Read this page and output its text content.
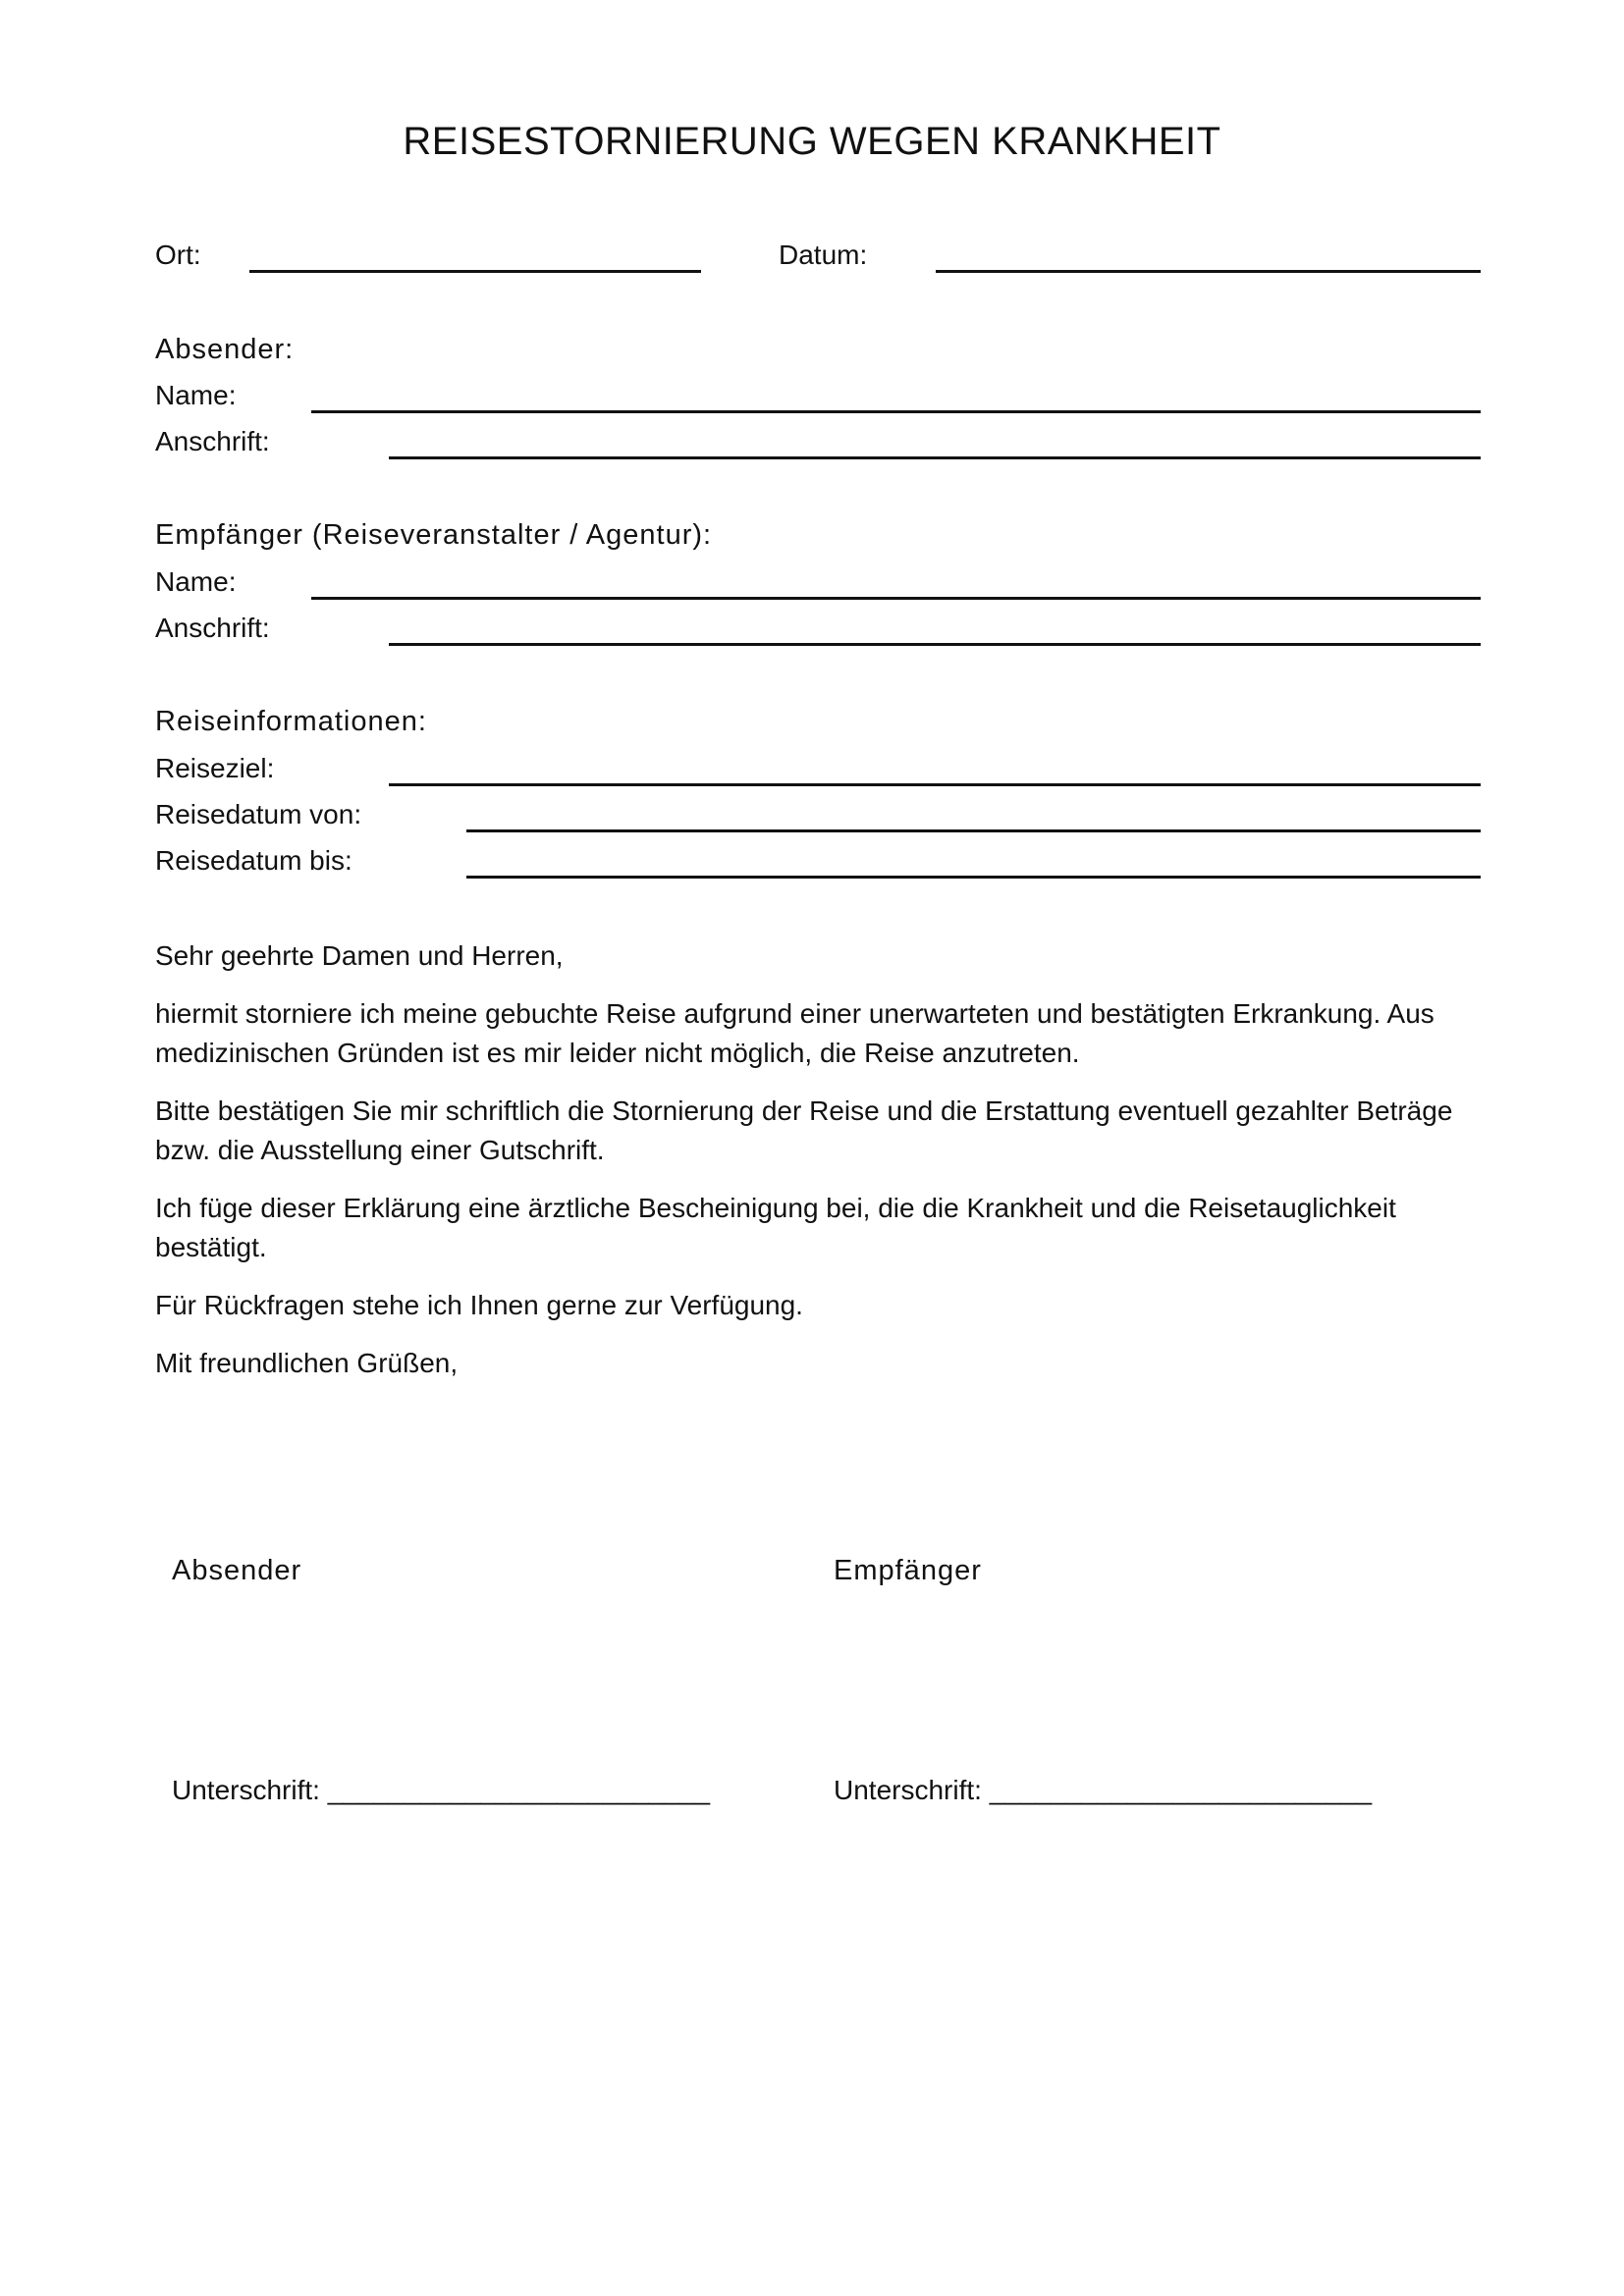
REISESTORNIERUNG WEGEN KRANKHEIT
Ort:	Datum:
Absender:
Name:
Anschrift:
Empfänger (Reiseveranstalter / Agentur):
Name:
Anschrift:
Reiseinformationen:
Reiseziel:
Reisedatum von:
Reisedatum bis:
Sehr geehrte Damen und Herren,
hiermit storniere ich meine gebuchte Reise aufgrund einer unerwarteten und bestätigten Erkrankung. Aus medizinischen Gründen ist es mir leider nicht möglich, die Reise anzutreten.
Bitte bestätigen Sie mir schriftlich die Stornierung der Reise und die Erstattung eventuell gezahlter Beträge bzw. die Ausstellung einer Gutschrift.
Ich füge dieser Erklärung eine ärztliche Bescheinigung bei, die die Krankheit und die Reisetauglichkeit bestätigt.
Für Rückfragen stehe ich Ihnen gerne zur Verfügung.
Mit freundlichen Grüßen,
Absender	Empfänger
Unterschrift: _________________________	Unterschrift: _________________________
